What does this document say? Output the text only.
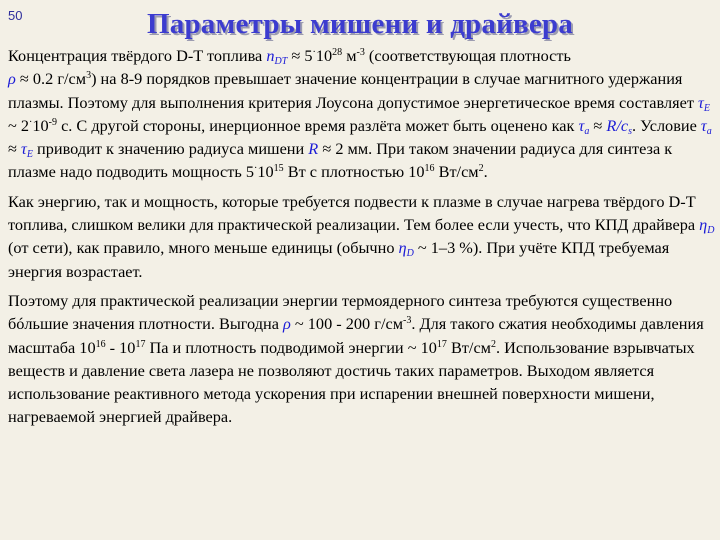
50	Параметры мишени и драйвера

Концентрация твёрдого D-T топлива $n_{DT} \approx 5^\cdot 10^{28}$ $м^{-3}$ (соответствующая плотность
ρ ≈ 0.2 $г/см^3$) на 8-9 порядков превышает значение концентрации в случае магнитного удержания плазмы. Поэтому для выполнения критерия Лоусона допустимое энергетическое время составляет $\tau_E$ ~ $2^\cdot 10^{-9}$ с. С другой стороны, инерционное время разлёта может быть оценено как $\tau_a \approx R/c_s$. Условие $\tau_a \approx \tau_E$ приводит к значению радиуса мишени R ≈ 2 мм. При таком значении радиуса для синтеза к плазме надо подводить мощность $5^\cdot 10^{15}$ Вт с плотностью $10^{16}$ $Вт/см^2$.

Как энергию, так и мощность, которые требуется подвести к плазме в случае нагрева твёрдого D-T топлива, слишком велики для практической реализации. Тем более если учесть, что КПД драйвера $\eta_D$ (от сети), как правило, много меньше единицы (обычно $\eta_D$ ~ 1–3 %). При учёте КПД требуемая энергия возрастает.

Поэтому для практической реализации энергии термоядерного синтеза требуются существенно бóльшие значения плотности. Выгодна ρ ~ 100 - 200 $г/см^{-3}$. Для такого сжатия необходимы давления масштаба $10^{16} - 10^{17}$ Па и плотность подводимой энергии ~ $10^{17}$ $Вт/см^2$. Использование взрывчатых веществ и давление света лазера не позволяют достичь таких параметров. Выходом является использование реактивного метода ускорения при испарении внешней поверхности мишени, нагреваемой энергией драйвера.
